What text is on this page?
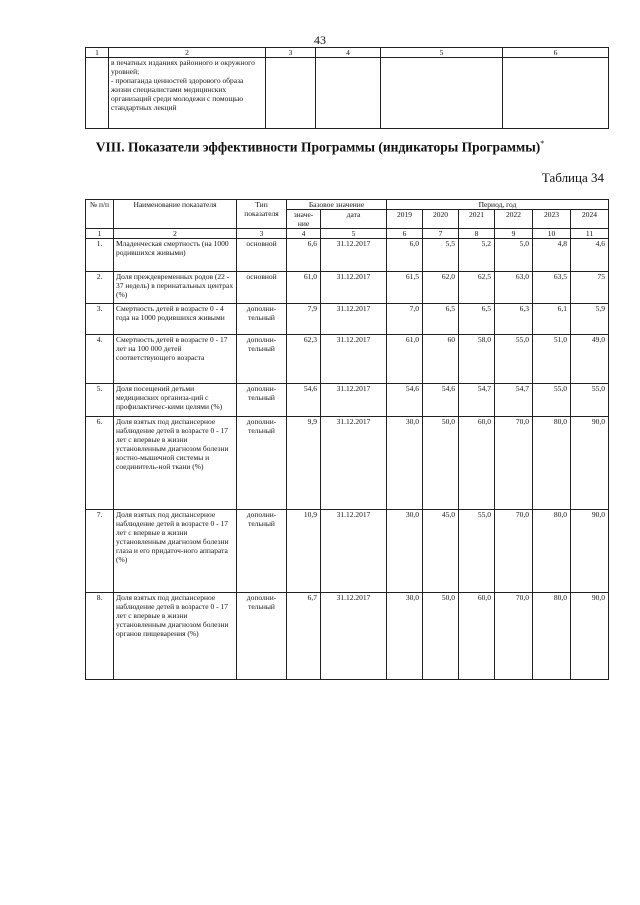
43
1	2	3	4	5	6
	в печатных изданиях районного и окружного уровней;
- пропаганда ценностей здорового образа жизни специалистами медицинских организаций среди молодежи с помощью стандартных лекций				
VIII. Показатели эффективности Программы (индикаторы Программы)*
Таблица 34
№ п/п	Наименование показателя	Тип показателя	Базовое значение		Период, год					
			значе-ние	дата	2019	2020	2021	2022	2023	2024
1	2	3	4	5	6	7	8	9	10	11
1.	Младенческая смертность (на 1000 родившихся живыми)	основной	6,6	31.12.2017	6,0	5,5	5,2	5,0	4,8	4,6
2.	Доля преждевременных родов (22 - 37 недель) в перинатальных центрах (%)	основной	61,0	31.12.2017	61,5	62,0	62,5	63,0	63,5	75
3.	Смертность детей в возрасте 0 - 4 года на 1000 родившихся живыми	дополни-тельный	7,9	31.12.2017	7,0	6,5	6,5	6,3	6,1	5,9
4.	Смертность детей в возрасте 0 - 17 лет на 100 000 детей соответствующего возраста	дополни-тельный	62,3	31.12.2017	61,0	60	58,0	55,0	51,0	49,0
5.	Доля посещений детьми медицинских организа-ций с профилактичес-кими целями (%)	дополни-тельный	54,6	31.12.2017	54,6	54,6	54,7	54,7	55,0	55,0
6.	Доля взятых под диспансерное наблюдение детей в возрасте 0 - 17 лет с впервые в жизни установленным диагнозом болезни костно-мышечной системы и соединитель-ной ткани (%)	дополни-тельный	9,9	31.12.2017	30,0	50,0	60,0	70,0	80,0	90,0
7.	Доля взятых под диспансерное наблюдение детей в возрасте 0 - 17 лет с впервые в жизни установленным диагнозом болезни глаза и его придаточ-ного аппарата (%)	дополни-тельный	10,9	31.12.2017	30,0	45,0	55,0	70,0	80,0	90,0
8.	Доля взятых под диспансерное наблюдение детей в возрасте 0 - 17 лет с впервые в жизни установленным диагнозом болезни органов пищеварения (%)	дополни-тельный	6,7	31.12.2017	30,0	50,0	60,0	70,0	80,0	90,0
